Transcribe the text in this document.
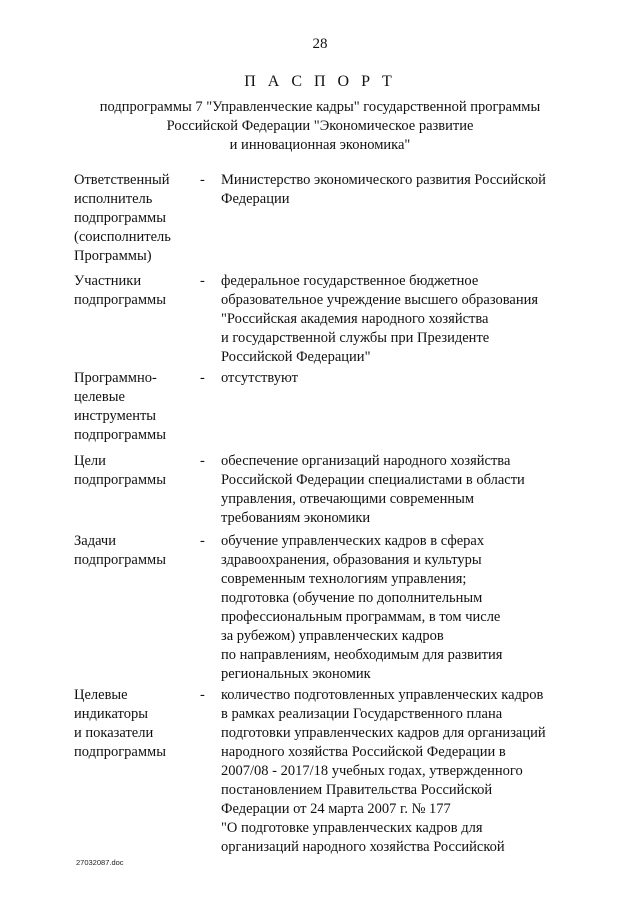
28
П А С П О Р Т
подпрограммы 7 "Управленческие кадры" государственной программы
Российской Федерации "Экономическое развитие
и инновационная экономика"
Ответственный
исполнитель
подпрограммы
(соисполнитель
Программы)
- Министерство экономического развития Российской
Федерации
Участники
подпрограммы
- федеральное государственное бюджетное
образовательное учреждение высшего образования
"Российская академия народного хозяйства
и государственной службы при Президенте
Российской Федерации"
Программно-
целевые
инструменты
подпрограммы
- отсутствуют
Цели
подпрограммы
- обеспечение организаций народного хозяйства
Российской Федерации специалистами в области
управления, отвечающими современным
требованиям экономики
Задачи
подпрограммы
- обучение управленческих кадров в сферах
здравоохранения, образования и культуры
современным технологиям управления;
подготовка (обучение по дополнительным
профессиональным программам, в том числе
за рубежом) управленческих кадров
по направлениям, необходимым для развития
региональных экономик
Целевые
индикаторы
и показатели
подпрограммы
- количество подготовленных управленческих кадров
в рамках реализации Государственного плана
подготовки управленческих кадров для организаций
народного хозяйства Российской Федерации в
2007/08 - 2017/18 учебных годах, утвержденного
постановлением Правительства Российской
Федерации от 24 марта 2007 г. № 177
"О подготовке управленческих кадров для
организаций народного хозяйства Российской
27032087.doc
